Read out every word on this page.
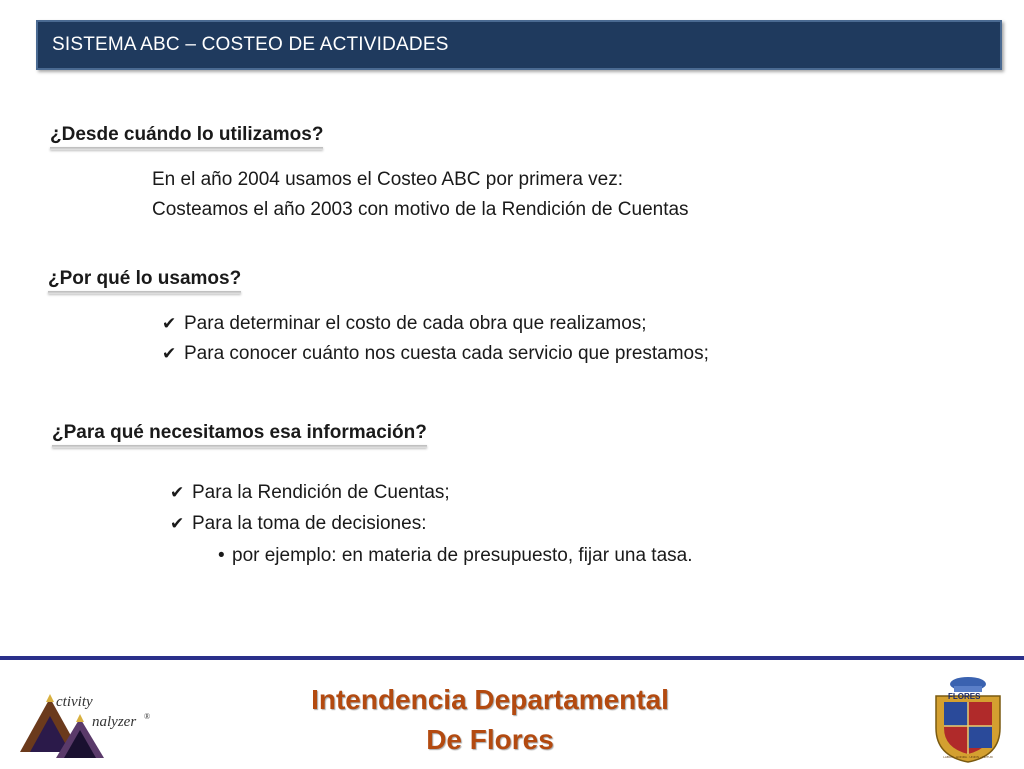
SISTEMA ABC – COSTEO DE ACTIVIDADES
¿Desde cuándo lo utilizamos?
En el año 2004 usamos el Costeo ABC por primera vez:
Costeamos el año 2003 con motivo de la Rendición de Cuentas
¿Por qué lo usamos?
✔ Para determinar el costo de cada obra que realizamos;
✔ Para conocer cuánto nos cuesta cada servicio que prestamos;
¿Para qué necesitamos esa información?
✔ Para la Rendición de Cuentas;
✔ Para la toma de decisiones:
• por ejemplo: en materia de presupuesto, fijar una tasa.
ctivity
nalyzer ®
Intendencia Departamental
De Flores
FLORES
LABOR · HONRA · UNION · VIRTUD
